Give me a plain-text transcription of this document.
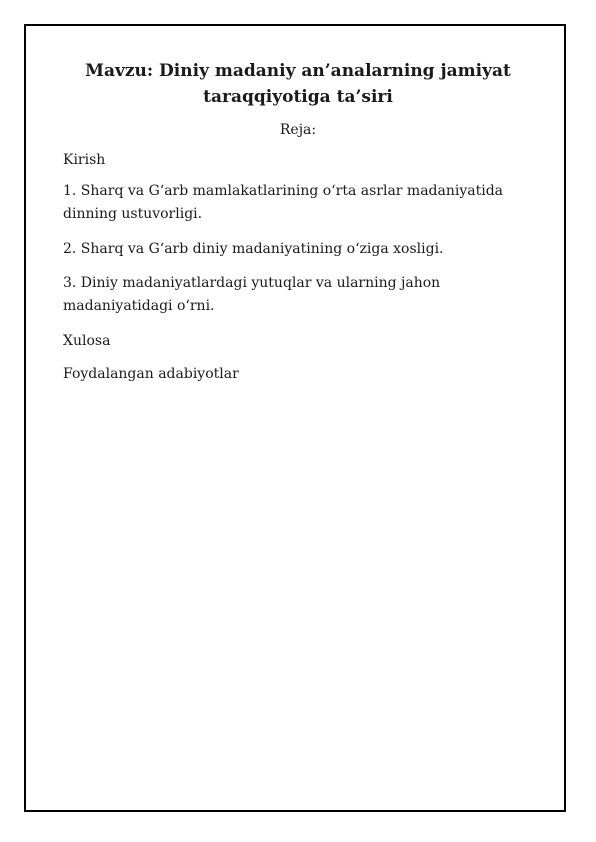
Mavzu: Diniy madaniy an’analarning jamiyat taraqqiyotiga ta’siri
Reja:
Kirish
1. Sharq va G‘arb mamlakatlarining o‘rta asrlar madaniyatida dinning ustuvorligi.
2. Sharq va G‘arb diniy madaniyatining o‘ziga xosligi.
3. Diniy madaniyatlardagi yutuqlar va ularning jahon madaniyatidagi o‘rni.
Xulosa
Foydalangan adabiyotlar
